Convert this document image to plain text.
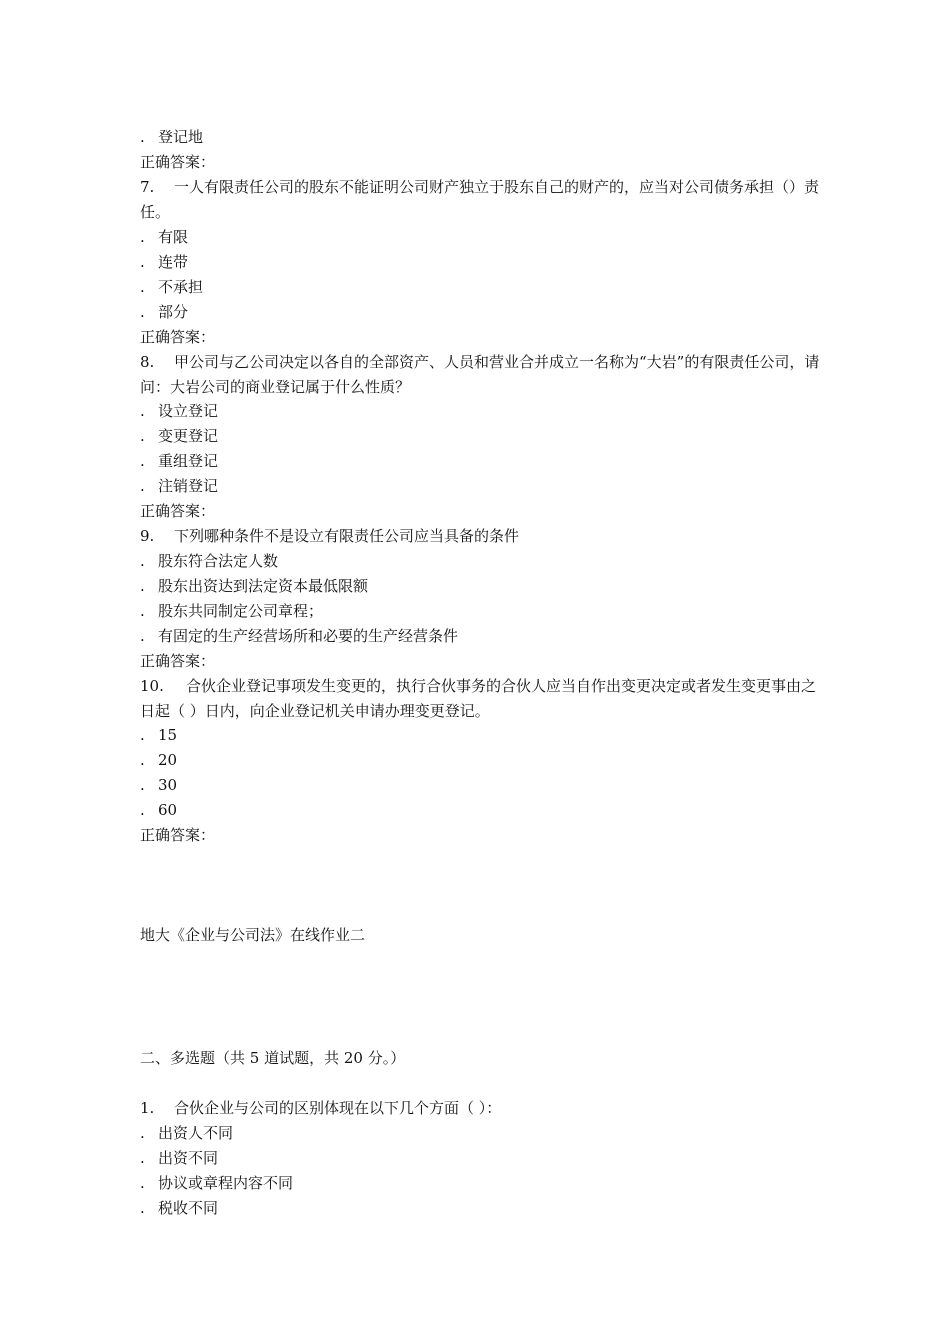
. 登记地
正确答案：
7. 一人有限责任公司的股东不能证明公司财产独立于股东自己的财产的，应当对公司债务承担（）责任。
. 有限
. 连带
. 不承担
. 部分
正确答案：
8. 甲公司与乙公司决定以各自的全部资产、人员和营业合并成立一名称为“大岩”的有限责任公司，请问：大岩公司的商业登记属于什么性质？
. 设立登记
. 变更登记
. 重组登记
. 注销登记
正确答案：
9. 下列哪种条件不是设立有限责任公司应当具备的条件
. 股东符合法定人数
. 股东出资达到法定资本最低限额
. 股东共同制定公司章程；
. 有固定的生产经营场所和必要的生产经营条件
正确答案：
10. 合伙企业登记事项发生变更的，执行合伙事务的合伙人应当自作出变更决定或者发生变更事由之日起（ ）日内，向企业登记机关申请办理变更登记。
. 15
. 20
. 30
. 60
正确答案：
地大《企业与公司法》在线作业二
二、多选题（共 5 道试题，共 20 分。）
1. 合伙企业与公司的区别体现在以下几个方面（ ）：
. 出资人不同
. 出资不同
. 协议或章程内容不同
. 税收不同
